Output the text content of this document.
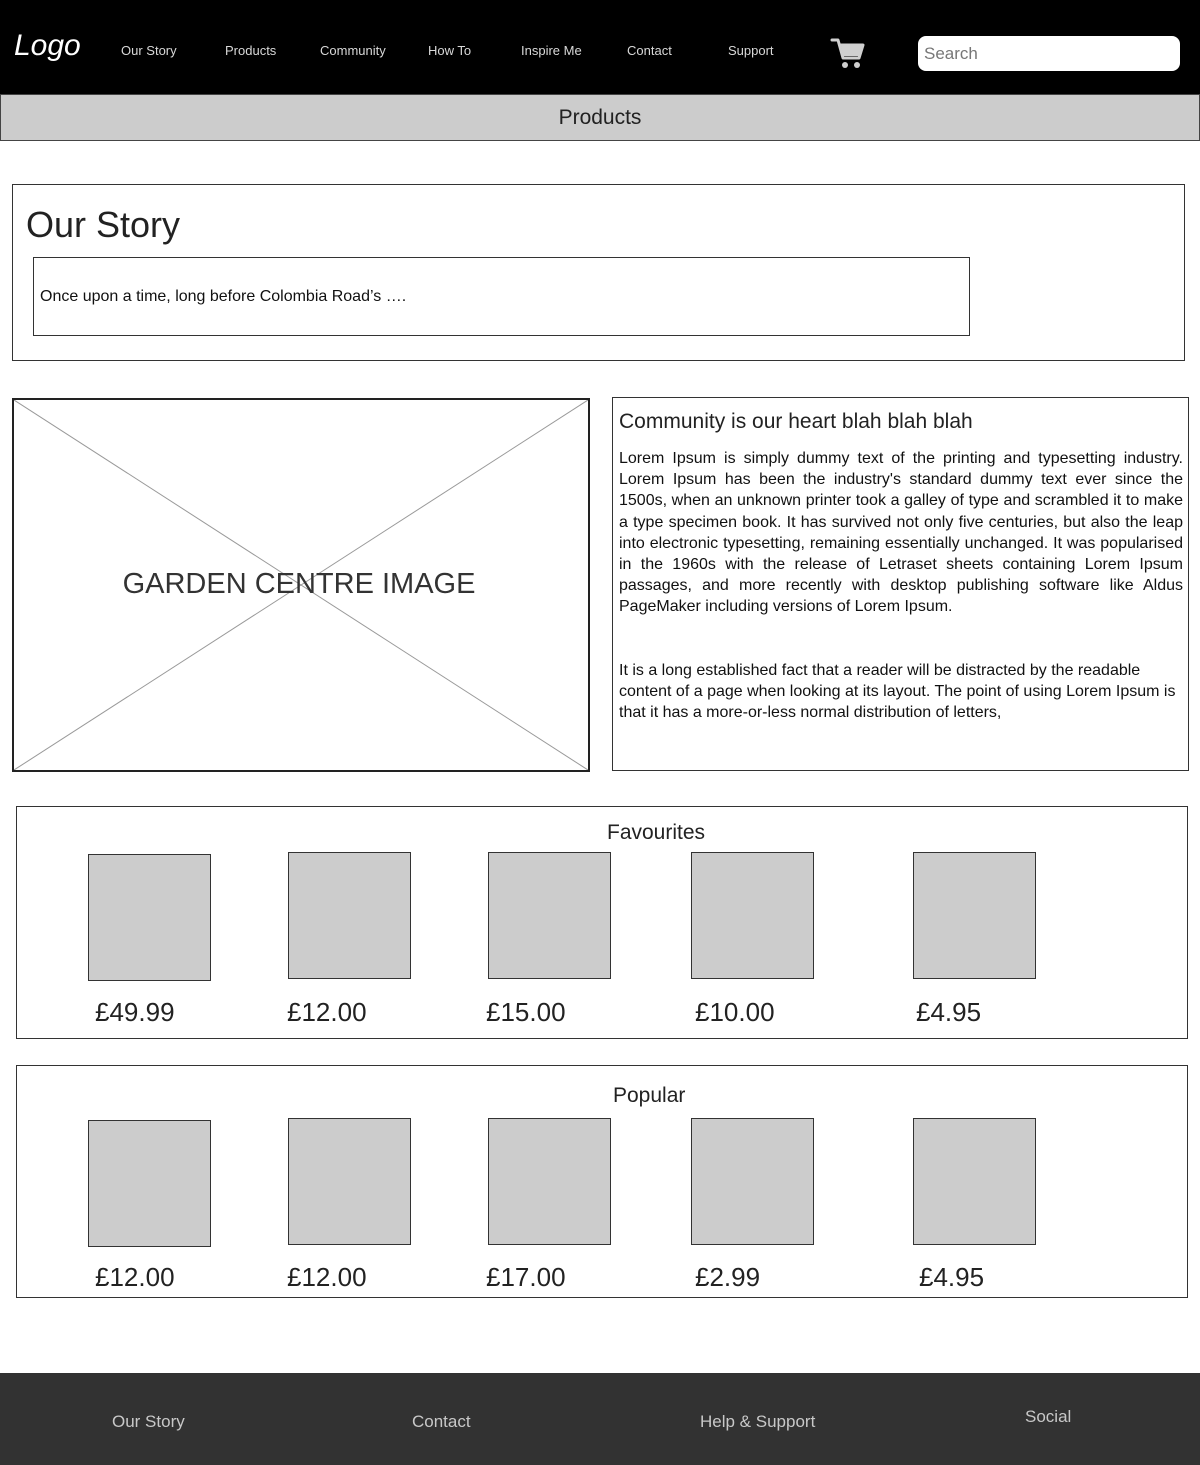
Logo	Our Story	Products	Community	How To	Inspire Me	Contact	Support
Search
Products
Our Story
Once upon a time, long before Colombia Road’s ….
GARDEN CENTRE IMAGE
Community is our heart blah blah blah
Lorem Ipsum is simply dummy text of the printing and typesetting industry. Lorem Ipsum has been the industry's standard dummy text ever since the 1500s, when an unknown printer took a galley of type and scrambled it to make a type specimen book. It has survived not only five centuries, but also the leap into electronic typesetting, remaining essentially unchanged. It was popularised in the 1960s with the release of Letraset sheets containing Lorem Ipsum passages, and more recently with desktop publishing software like Aldus PageMaker including versions of Lorem Ipsum.
It is a long established fact that a reader will be distracted by the readable content of a page when looking at its layout. The point of using Lorem Ipsum is that it has a more-or-less normal distribution of letters,
Favourites
£49.99	£12.00	£15.00	£10.00	£4.95
Popular
£12.00	£12.00	£17.00	£2.99	£4.95
Our Story	Contact	Help & Support	Social
